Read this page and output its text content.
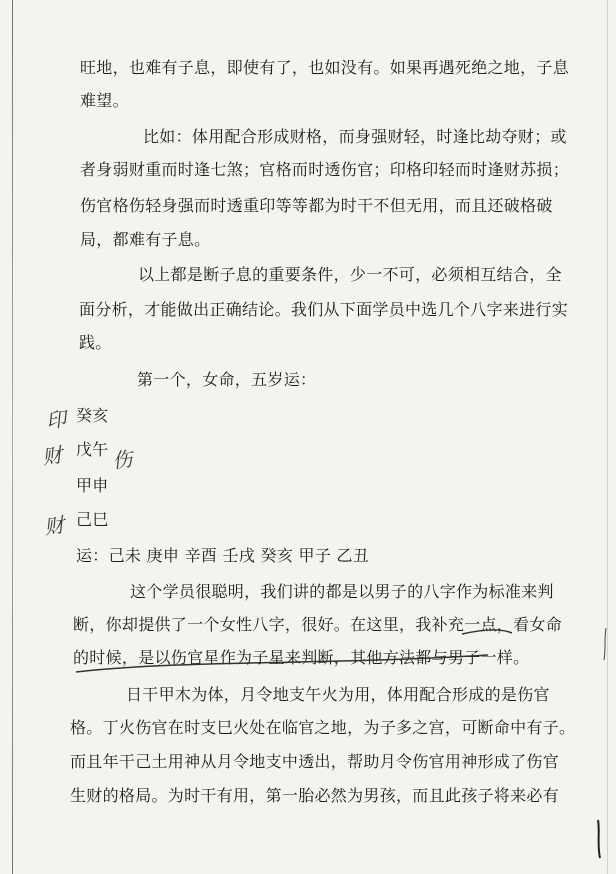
旺地，也难有子息，即使有了，也如没有。如果再遇死绝之地，子息
难望。
比如：体用配合形成财格，而身强财轻，时逢比劫夺财；或
者身弱财重而时逢七煞；官格而时透伤官；印格印轻而时逢财苏损；
伤官格伤轻身强而时透重印等等都为时干不但无用，而且还破格破
局，都难有子息。
以上都是断子息的重要条件，少一不可，必须相互结合，全
面分析，才能做出正确结论。我们从下面学员中选几个八字来进行实
践。
第一个，女命，五岁运：
癸亥
戊午
甲申
己巳
运：己未 庚申 辛酉 壬戌 癸亥 甲子 乙丑
这个学员很聪明，我们讲的都是以男子的八字作为标准来判
断，你却提供了一个女性八字，很好。在这里，我补充一点，看女命
的时候，是以伤官星作为子星来判断，其他方法都与男子一样。
日干甲木为体，月令地支午火为用，体用配合形成的是伤官
格。丁火伤官在时支巳火处在临官之地，为子多之宫，可断命中有子。
而且年干己土用神从月令地支中透出，帮助月令伤官用神形成了伤官
生财的格局。为时干有用，第一胎必然为男孩，而且此孩子将来必有
印
财 伤
财
